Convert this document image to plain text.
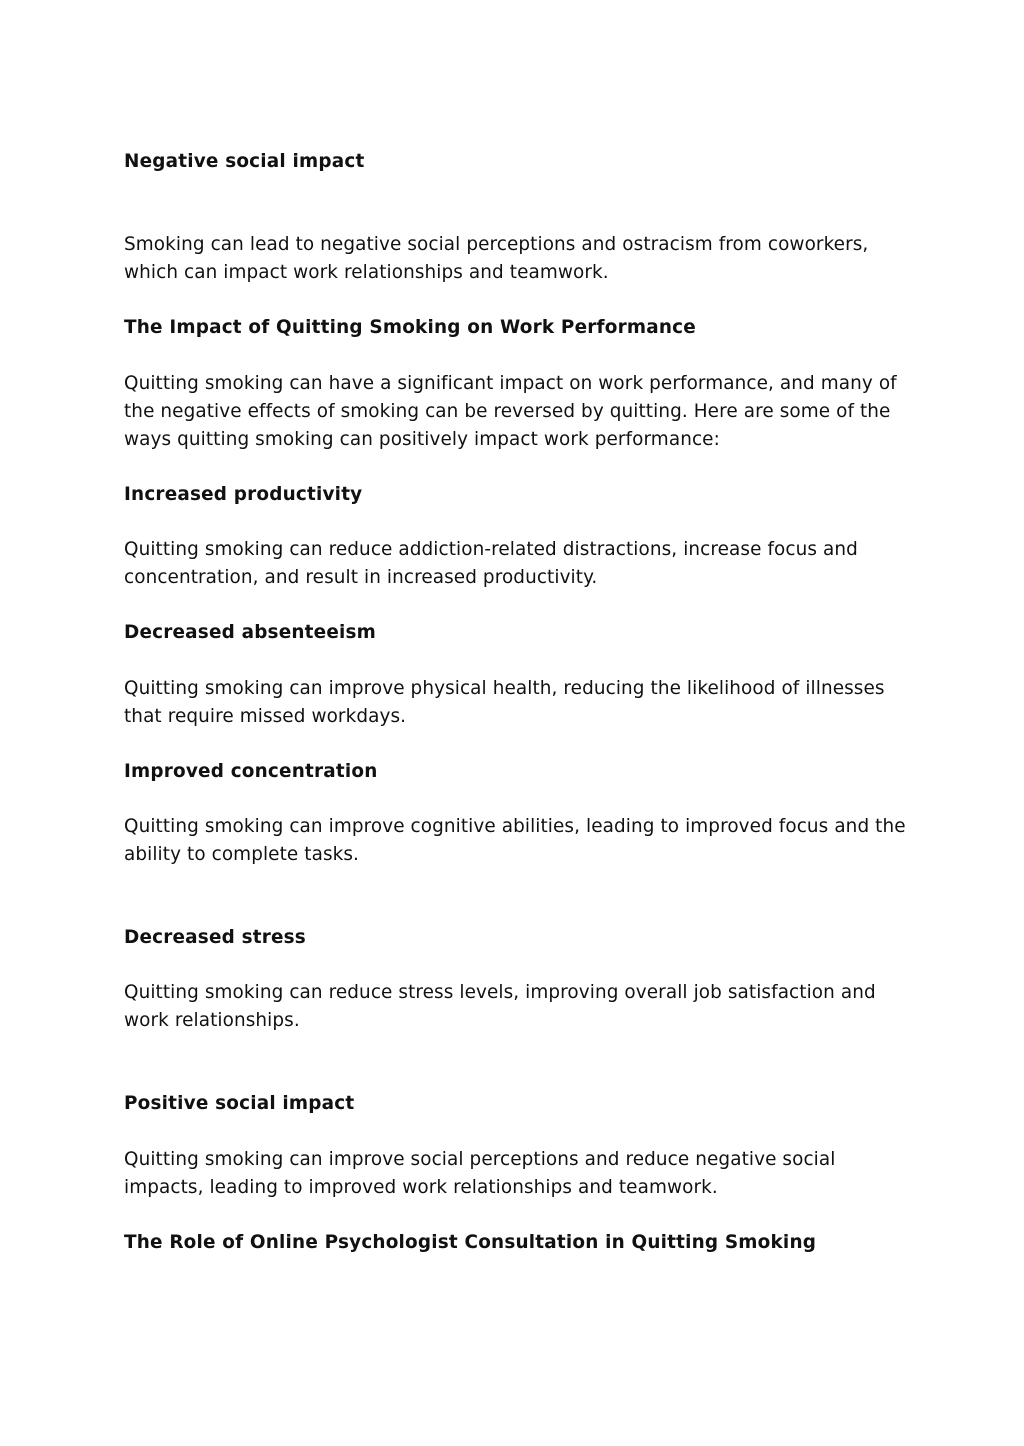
Negative social impact

Smoking can lead to negative social perceptions and ostracism from coworkers, which can impact work relationships and teamwork.

The Impact of Quitting Smoking on Work Performance

Quitting smoking can have a significant impact on work performance, and many of the negative effects of smoking can be reversed by quitting. Here are some of the ways quitting smoking can positively impact work performance:

Increased productivity

Quitting smoking can reduce addiction-related distractions, increase focus and concentration, and result in increased productivity.

Decreased absenteeism

Quitting smoking can improve physical health, reducing the likelihood of illnesses that require missed workdays.

Improved concentration

Quitting smoking can improve cognitive abilities, leading to improved focus and the ability to complete tasks.

Decreased stress

Quitting smoking can reduce stress levels, improving overall job satisfaction and work relationships.

Positive social impact

Quitting smoking can improve social perceptions and reduce negative social impacts, leading to improved work relationships and teamwork.

The Role of Online Psychologist Consultation in Quitting Smoking
